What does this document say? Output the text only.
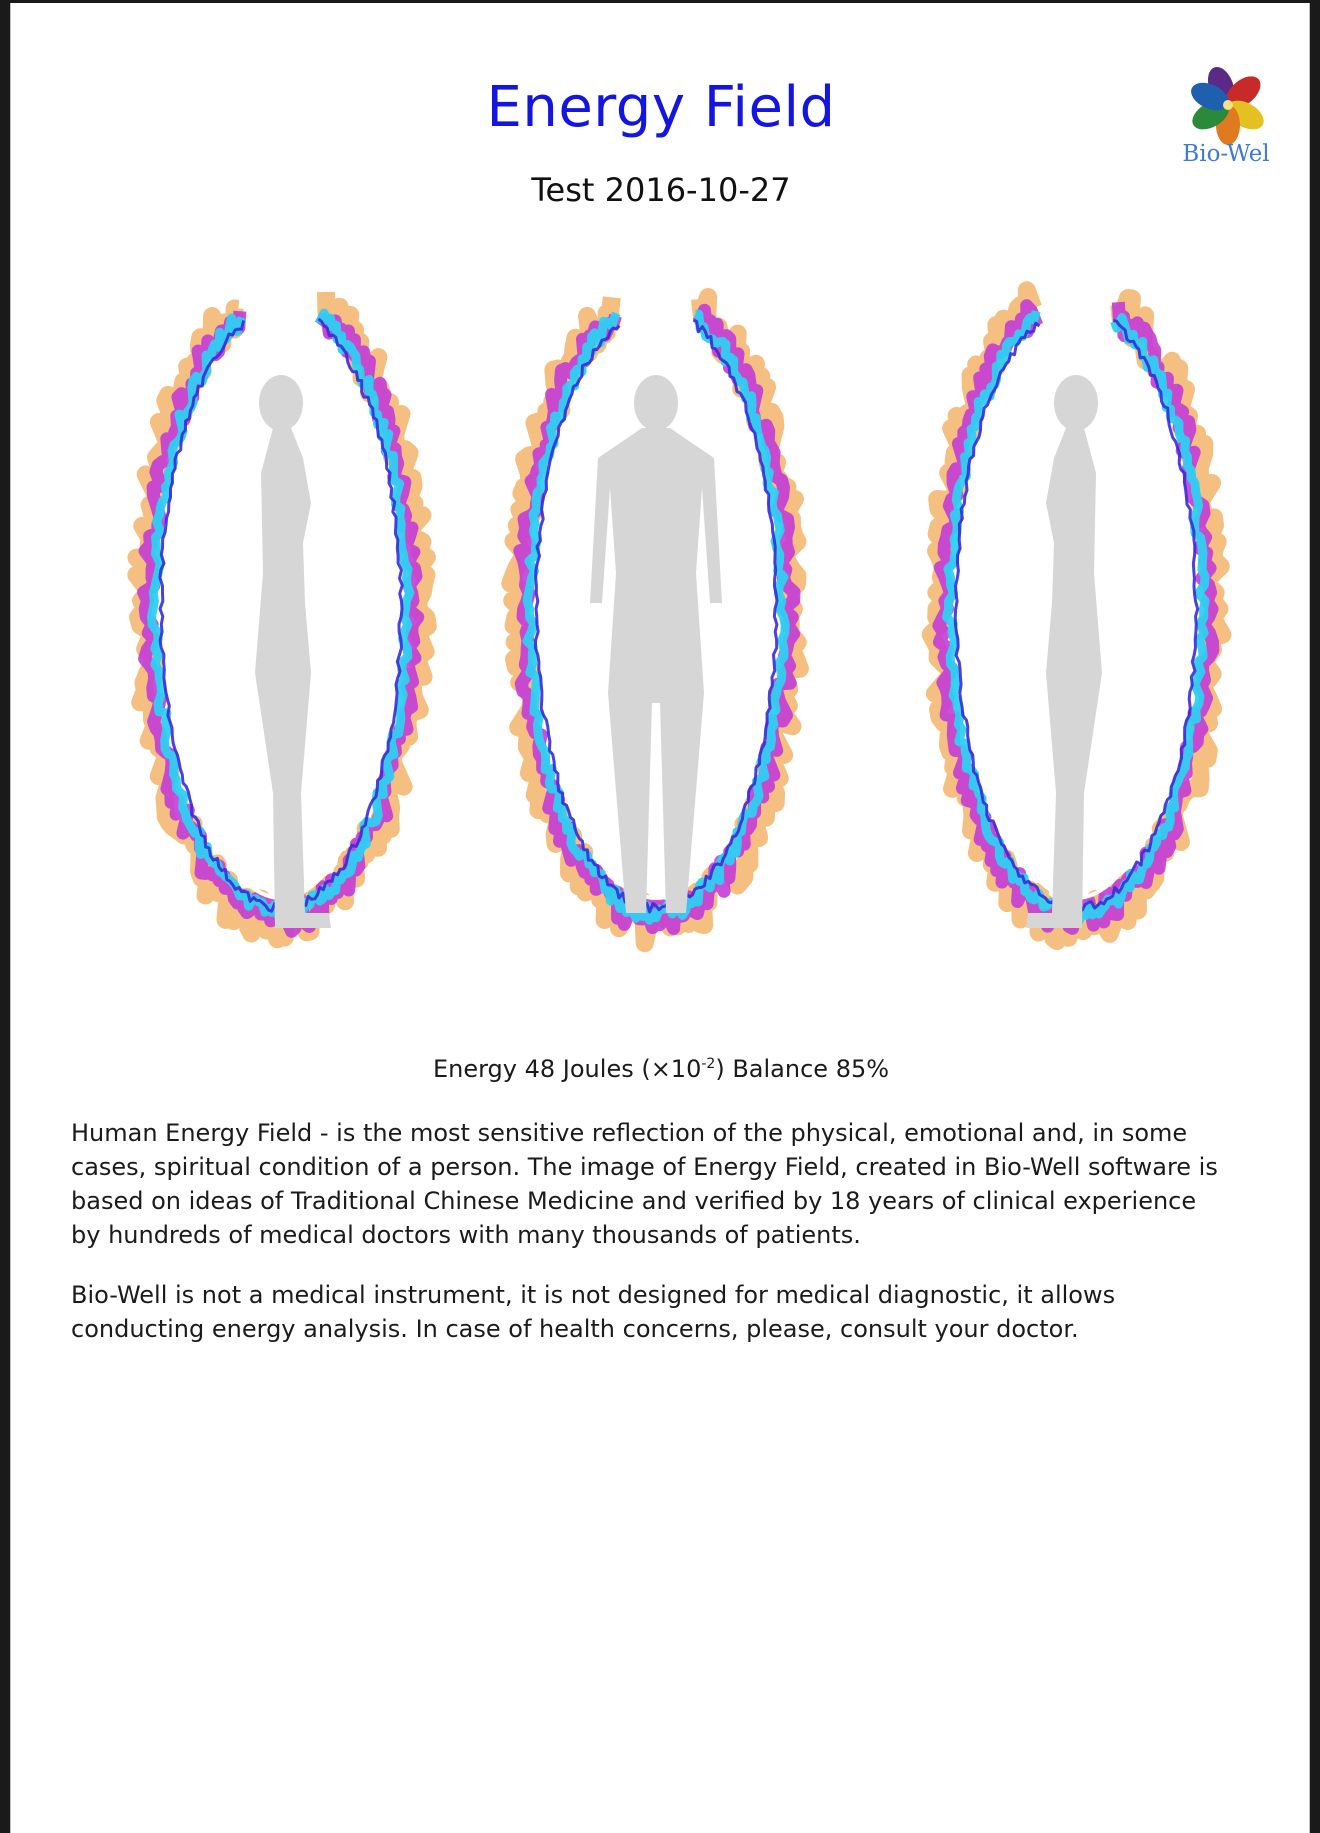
Energy Field
Test 2016-10-27
Bio-Wel
Energy 48 Joules $(\times 10^{-2})$ Balance 85%
Human Energy Field - is the most sensitive reflection of the physical, emotional and, in some cases, spiritual condition of a person. The image of Energy Field, created in Bio-Well software is based on ideas of Traditional Chinese Medicine and verified by 18 years of clinical experience by hundreds of medical doctors with many thousands of patients.
Bio-Well is not a medical instrument, it is not designed for medical diagnostic, it allows conducting energy analysis. In case of health concerns, please, consult your doctor.
